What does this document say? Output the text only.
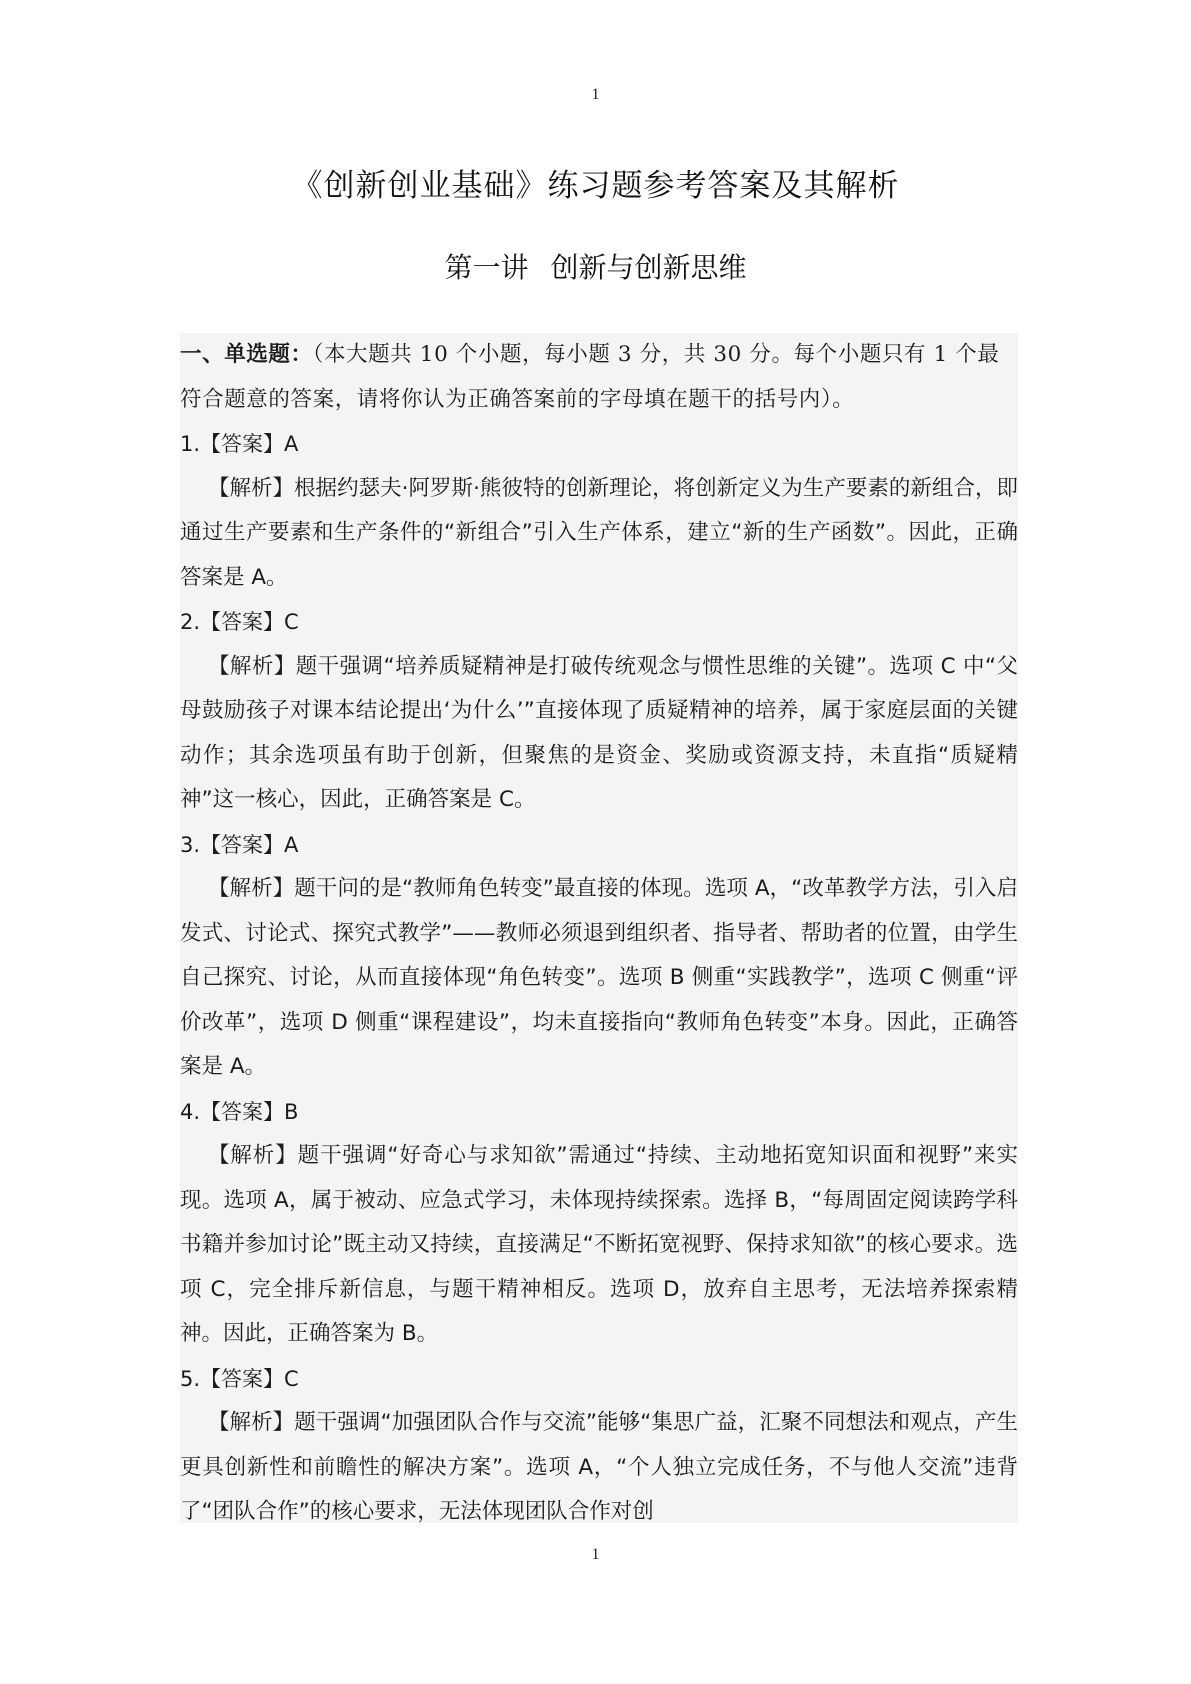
1
《创新创业基础》练习题参考答案及其解析
第一讲 创新与创新思维

一、单选题：（本大题共 10 个小题，每小题 3 分，共 30 分。每个小题只有 1 个最符合题意的答案，请将你认为正确答案前的字母填在题干的括号内）。

1.【答案】A

【解析】根据约瑟夫·阿罗斯·熊彼特的创新理论，将创新定义为生产要素的新组合，即通过生产要素和生产条件的“新组合”引入生产体系，建立“新的生产函数”。因此，正确答案是 A。

2.【答案】C

【解析】题干强调“培养质疑精神是打破传统观念与惯性思维的关键”。选项 C 中“父母鼓励孩子对课本结论提出‘为什么’”直接体现了质疑精神的培养，属于家庭层面的关键动作；其余选项虽有助于创新，但聚焦的是资金、奖励或资源支持，未直指“质疑精神”这一核心，因此，正确答案是 C。

3.【答案】A

【解析】题干问的是“教师角色转变”最直接的体现。选项 A，“改革教学方法，引入启发式、讨论式、探究式教学”——教师必须退到组织者、指导者、帮助者的位置，由学生自己探究、讨论，从而直接体现“角色转变”。选项 B 侧重“实践教学”，选项 C 侧重“评价改革”，选项 D 侧重“课程建设”，均未直接指向“教师角色转变”本身。因此，正确答案是 A。

4.【答案】B

【解析】题干强调“好奇心与求知欲”需通过“持续、主动地拓宽知识面和视野”来实现。选项 A，属于被动、应急式学习，未体现持续探索。选择 B，“每周固定阅读跨学科书籍并参加讨论”既主动又持续，直接满足“不断拓宽视野、保持求知欲”的核心要求。选项 C，完全排斥新信息，与题干精神相反。选项 D，放弃自主思考，无法培养探索精神。因此，正确答案为 B。

5.【答案】C

【解析】题干强调“加强团队合作与交流”能够“集思广益，汇聚不同想法和观点，产生更具创新性和前瞻性的解决方案”。选项 A，“个人独立完成任务，不与他人交流”违背了“团队合作”的核心要求，无法体现团队合作对创

1
